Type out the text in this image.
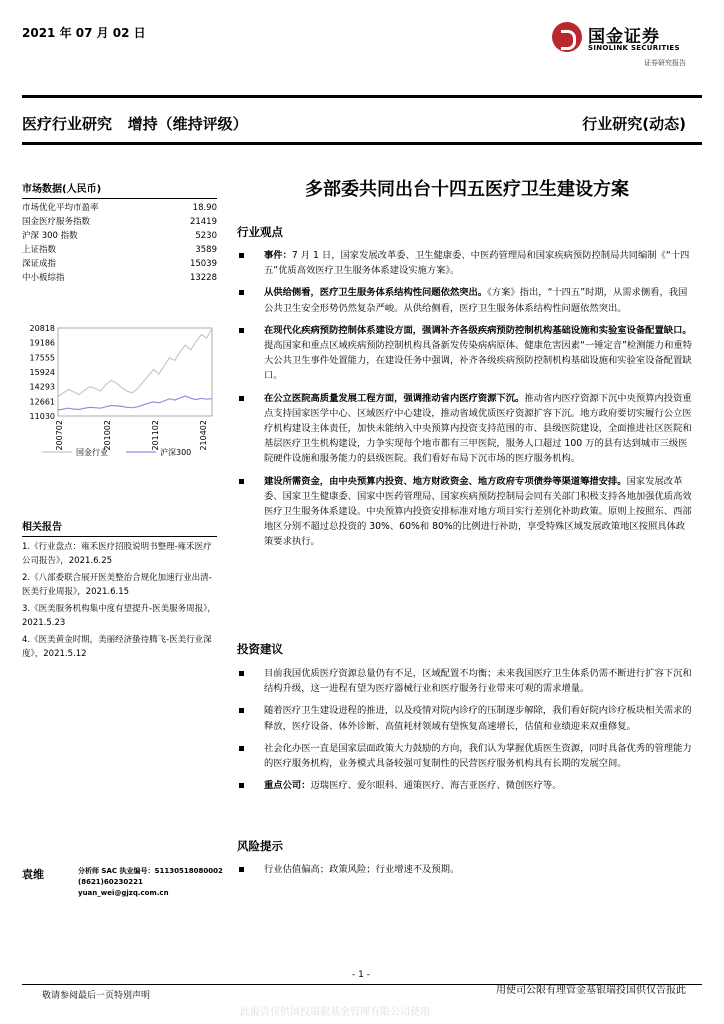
2021 年 07 月 02 日	国金证券
SINOLINK SECURITIES
证券研究报告
医疗行业研究   增持（维持评级）	行业研究(动态)
市场数据(人民币)
市场优化平均市盈率	18.90
国金医疗服务指数	21419
沪深 300 指数	5230
上证指数	3589
深证成指	15039
中小板综指	13228
20818
19186
17555
15924
14293
12661
11030
200702	201002	201102	210402
国金行业	沪深300
相关报告
1.《行业盘点：雍禾医疗招股说明书整理-雍禾医疗公司报告》，2021.6.25
2.《八部委联合展开医美整治合规化加速行业出清-医美行业周报》，2021.6.15
3.《医美服务机构集中度有望提升-医美服务周报》，2021.5.23
4.《医美黄金时期，美丽经济蛰待腾飞-医美行业深度》，2021.5.12
袁维	分析师 SAC 执业编号：S1130518080002
(8621)60230221
yuan_wei@gjzq.com.cn
多部委共同出台十四五医疗卫生建设方案
行业观点

事件：7 月 1 日，国家发展改革委、卫生健康委、中医药管理局和国家疾病预防控制局共同编制《“十四五”优质高效医疗卫生服务体系建设实施方案》。

从供给侧看，医疗卫生服务体系结构性问题依然突出。《方案》指出，“十四五”时期，从需求侧看，我国公共卫生安全形势仍然复杂严峻。从供给侧看，医疗卫生服务体系结构性问题依然突出。

在现代化疾病预防控制体系建设方面，强调补齐各级疾病预防控制机构基础设施和实验室设备配置缺口。提高国家和重点区域疾病预防控制机构具备新发传染病病原体、健康危害因素“一锤定音”检测能力和重特大公共卫生事件处置能力，在建设任务中强调，补齐各级疾病预防控制机构基础设施和实验室设备配置缺口。

在公立医院高质量发展工程方面，强调推动省内医疗资源下沉。推动省内医疗资源下沉中央预算内投资重点支持国家医学中心、区域医疗中心建设，推动省域优质医疗资源扩容下沉。地方政府要切实履行公立医疗机构建设主体责任，加快未能纳入中央预算内投资支持范围的市、县级医院建设，全面推进社区医院和基层医疗卫生机构建设，力争实现每个地市都有三甲医院，服务人口超过 100 万的县有达到城市三级医院硬件设施和服务能力的县级医院。我们看好布局下沉市场的医疗服务机构。

建设所需资金，由中央预算内投资、地方财政资金、地方政府专项债券等渠道筹措安排。国家发展改革委、国家卫生健康委、国家中医药管理局、国家疾病预防控制局会同有关部门积极支持各地加强优质高效医疗卫生服务体系建设。中央预算内投资安排标准对地方项目实行差别化补助政策。原则上按照东、西部地区分别不超过总投资的 30%、60%和 80%的比例进行补助，享受特殊区域发展政策地区按照具体政策要求执行。

投资建议

目前我国优质医疗资源总量仍有不足，区域配置不均衡；未来我国医疗卫生体系仍需不断进行扩容下沉和结构升级，这一进程有望为医疗器械行业和医疗服务行业带来可观的需求增量。

随着医疗卫生建设进程的推进，以及疫情对院内诊疗的压制逐步解除，我们看好院内诊疗板块相关需求的释放，医疗设备、体外诊断、高值耗材领域有望恢复高速增长，估值和业绩迎来双重修复。

社会化办医一直是国家层面政策大力鼓励的方向，我们认为掌握优质医生资源，同时具备优秀的管理能力的医疗服务机构，业务模式具备较强可复制性的民营医疗服务机构具有长期的发展空间。

重点公司：迈瑞医疗、爱尔眼科、通策医疗、海吉亚医疗、微创医疗等。

风险提示

行业估值偏高；政策风险；行业增速不及预期。

- 1 -
敬请参阅最后一页特别声明	用使司公限有理管金基银瑞投国供仅告报此
此报告仅供国投瑞银基金管理有限公司使用
